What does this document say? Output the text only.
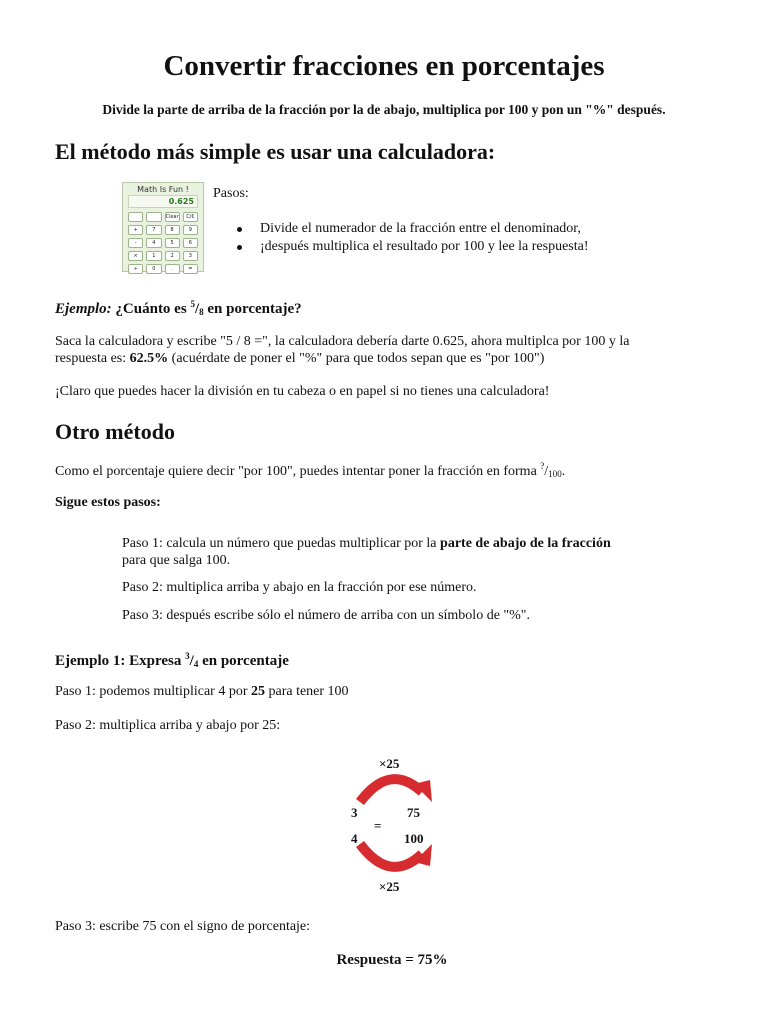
Convertir fracciones en porcentajes

Divide la parte de arriba de la fracción por la de abajo, multiplica por 100 y pon un "%" después.

El método más simple es usar una calculadora:
Math Is Fun !
0.625
Clear	C/€
+	7	8	9
-	4	5	6
×	1	2	3
÷	0	.	=

Pasos:

Divide el numerador de la fracción entre el denominador,
¡después multiplica el resultado por 100 y lee la respuesta!

Ejemplo: ¿Cuánto es $^5/_8$ en porcentaje?

Saca la calculadora y escribe "5 / 8 =", la calculadora debería darte 0.625, ahora multiplca por 100 y la
respuesta es: 62.5% (acuérdate de poner el "%" para que todos sepan que es "por 100")

¡Claro que puedes hacer la división en tu cabeza o en papel si no tienes una calculadora!

Otro método

Como el porcentaje quiere decir "por 100", puedes intentar poner la fracción en forma $^?/_{100}$.

Sigue estos pasos:

Paso 1: calcula un número que puedas multiplicar por la parte de abajo de la fracción
para que salga 100.

Paso 2: multiplica arriba y abajo en la fracción por ese número.

Paso 3: después escribe sólo el número de arriba con un símbolo de "%".

Ejemplo 1: Expresa $^3/_4$ en porcentaje

Paso 1: podemos multiplicar 4 por 25 para tener 100

Paso 2: multiplica arriba y abajo por 25:

×25
3
4
=
75
100
×25

Paso 3: escribe 75 con el signo de porcentaje:

Respuesta = 75%
